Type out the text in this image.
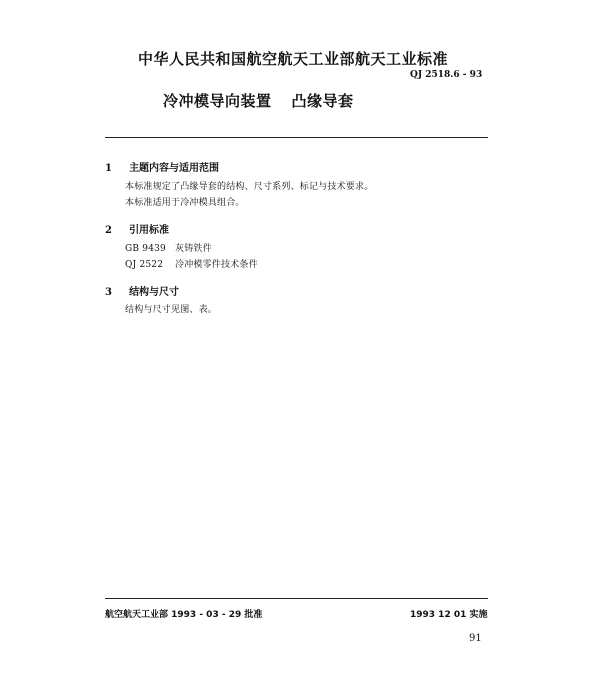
中华人民共和国航空航天工业部航天工业标准
QJ 2518.6 - 93
冷冲模导向装置 凸缘导套
1 主题内容与适用范围
本标准规定了凸缘导套的结构、尺寸系列、标记与技术要求。
本标准适用于冷冲模具组合。
2 引用标准
GB 9439 灰铸铁件
QJ 2522 冷冲模零件技术条件
3 结构与尺寸
结构与尺寸见图、表。
航空航天工业部 1993 - 03 - 29 批准	1993 12 01 实施
91
